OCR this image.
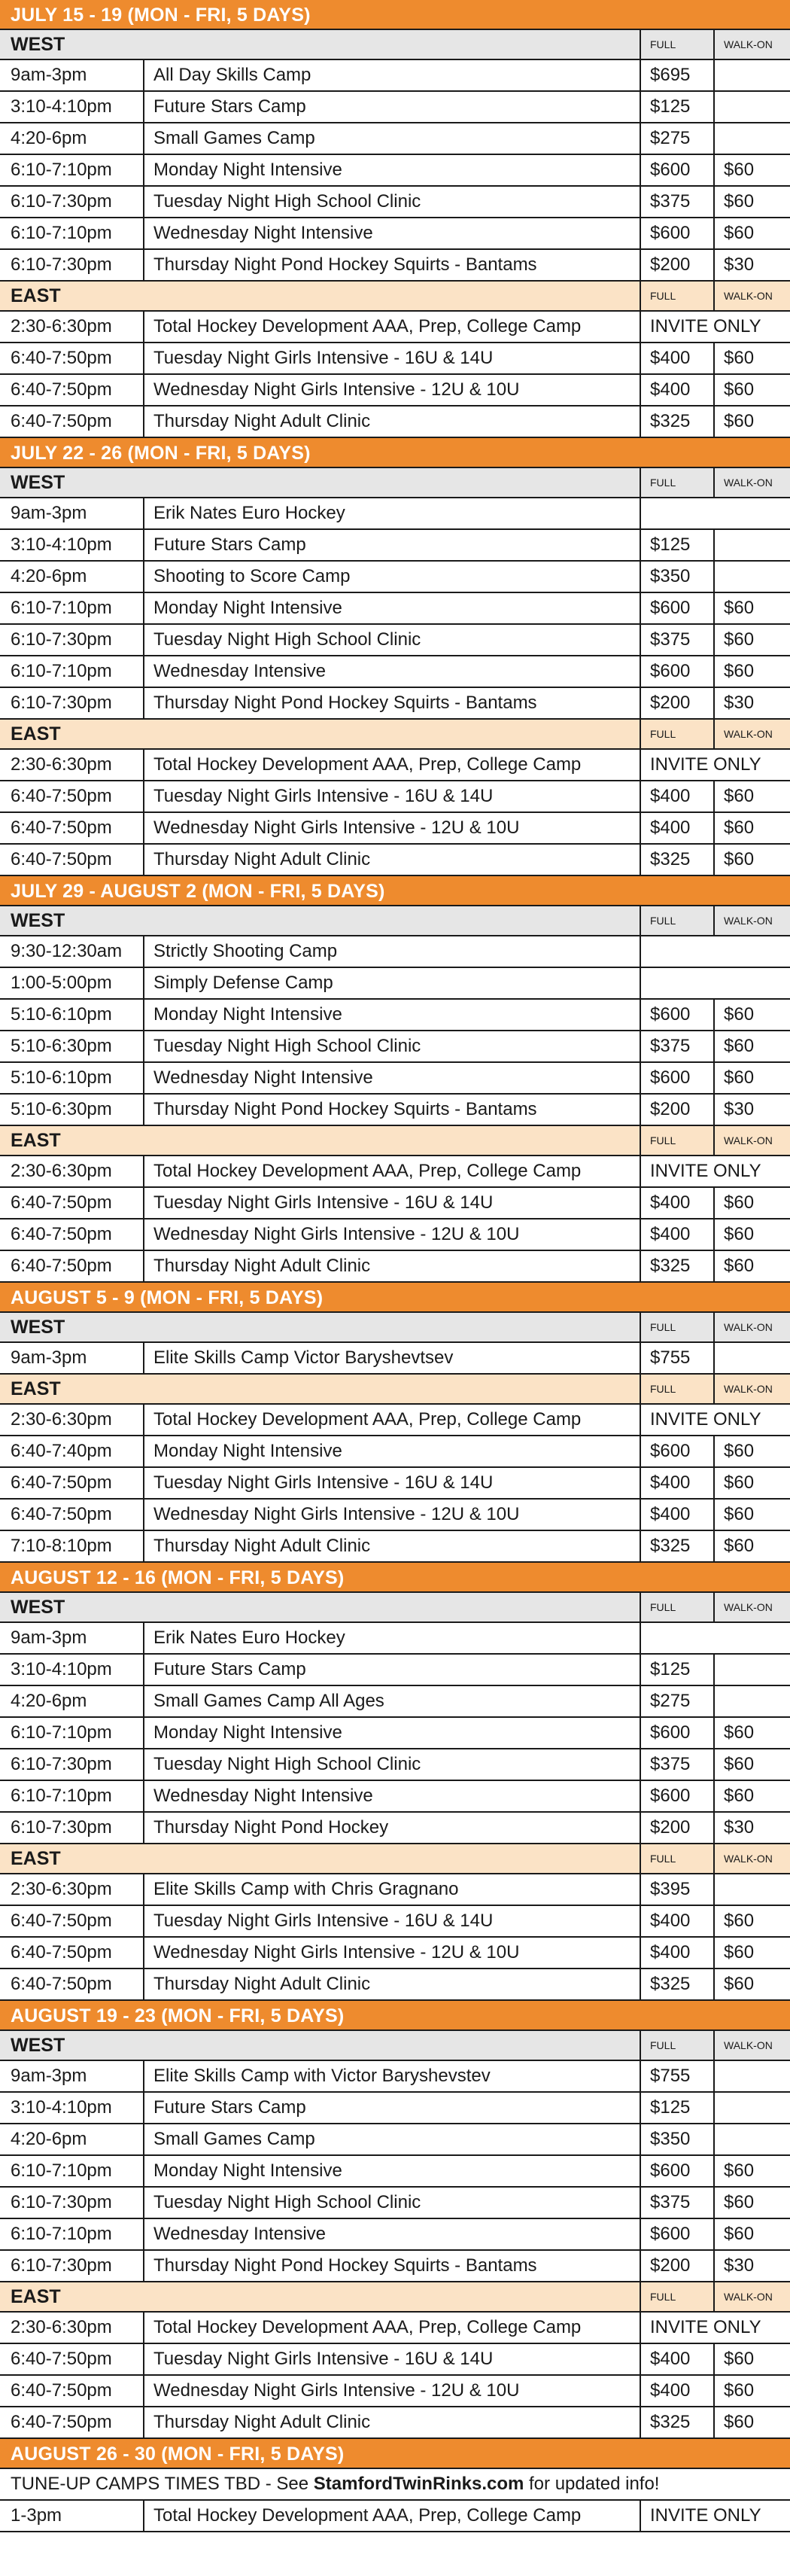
JULY 15 - 19 (MON - FRI, 5 DAYS)
WEST	FULL	WALK-ON
9am-3pm	All Day Skills Camp	$695
3:10-4:10pm	Future Stars Camp	$125
4:20-6pm	Small Games Camp	$275
6:10-7:10pm	Monday Night Intensive	$600	$60
6:10-7:30pm	Tuesday Night High School Clinic	$375	$60
6:10-7:10pm	Wednesday Night Intensive	$600	$60
6:10-7:30pm	Thursday Night Pond Hockey Squirts - Bantams	$200	$30
EAST	FULL	WALK-ON
2:30-6:30pm	Total Hockey Development AAA, Prep, College Camp	INVITE ONLY
6:40-7:50pm	Tuesday Night Girls Intensive - 16U & 14U	$400	$60
6:40-7:50pm	Wednesday Night Girls Intensive - 12U & 10U	$400	$60
6:40-7:50pm	Thursday Night Adult Clinic	$325	$60
JULY 22 - 26 (MON - FRI, 5 DAYS)
WEST	FULL	WALK-ON
9am-3pm	Erik Nates Euro Hockey
3:10-4:10pm	Future Stars Camp	$125
4:20-6pm	Shooting to Score Camp	$350
6:10-7:10pm	Monday Night Intensive	$600	$60
6:10-7:30pm	Tuesday Night High School Clinic	$375	$60
6:10-7:10pm	Wednesday Intensive	$600	$60
6:10-7:30pm	Thursday Night Pond Hockey Squirts - Bantams	$200	$30
EAST	FULL	WALK-ON
2:30-6:30pm	Total Hockey Development AAA, Prep, College Camp	INVITE ONLY
6:40-7:50pm	Tuesday Night Girls Intensive - 16U & 14U	$400	$60
6:40-7:50pm	Wednesday Night Girls Intensive - 12U & 10U	$400	$60
6:40-7:50pm	Thursday Night Adult Clinic	$325	$60
JULY 29 - AUGUST 2 (MON - FRI, 5 DAYS)
WEST	FULL	WALK-ON
9:30-12:30am	Strictly Shooting Camp
1:00-5:00pm	Simply Defense Camp
5:10-6:10pm	Monday Night Intensive	$600	$60
5:10-6:30pm	Tuesday Night High School Clinic	$375	$60
5:10-6:10pm	Wednesday Night Intensive	$600	$60
5:10-6:30pm	Thursday Night Pond Hockey Squirts - Bantams	$200	$30
EAST	FULL	WALK-ON
2:30-6:30pm	Total Hockey Development AAA, Prep, College Camp	INVITE ONLY
6:40-7:50pm	Tuesday Night Girls Intensive - 16U & 14U	$400	$60
6:40-7:50pm	Wednesday Night Girls Intensive - 12U & 10U	$400	$60
6:40-7:50pm	Thursday Night Adult Clinic	$325	$60
AUGUST 5 - 9 (MON - FRI, 5 DAYS)
WEST	FULL	WALK-ON
9am-3pm	Elite Skills Camp Victor Baryshevtsev	$755
EAST	FULL	WALK-ON
2:30-6:30pm	Total Hockey Development AAA, Prep, College Camp	INVITE ONLY
6:40-7:40pm	Monday Night Intensive	$600	$60
6:40-7:50pm	Tuesday Night Girls Intensive - 16U & 14U	$400	$60
6:40-7:50pm	Wednesday Night Girls Intensive - 12U & 10U	$400	$60
7:10-8:10pm	Thursday Night Adult Clinic	$325	$60
AUGUST 12 - 16 (MON - FRI, 5 DAYS)
WEST	FULL	WALK-ON
9am-3pm	Erik Nates Euro Hockey
3:10-4:10pm	Future Stars Camp	$125
4:20-6pm	Small Games Camp All Ages	$275
6:10-7:10pm	Monday Night Intensive	$600	$60
6:10-7:30pm	Tuesday Night High School Clinic	$375	$60
6:10-7:10pm	Wednesday Night Intensive	$600	$60
6:10-7:30pm	Thursday Night Pond Hockey	$200	$30
EAST	FULL	WALK-ON
2:30-6:30pm	Elite Skills Camp with Chris Gragnano	$395
6:40-7:50pm	Tuesday Night Girls Intensive - 16U & 14U	$400	$60
6:40-7:50pm	Wednesday Night Girls Intensive - 12U & 10U	$400	$60
6:40-7:50pm	Thursday Night Adult Clinic	$325	$60
AUGUST 19 - 23 (MON - FRI, 5 DAYS)
WEST	FULL	WALK-ON
9am-3pm	Elite Skills Camp with Victor Baryshevstev	$755
3:10-4:10pm	Future Stars Camp	$125
4:20-6pm	Small Games Camp	$350
6:10-7:10pm	Monday Night Intensive	$600	$60
6:10-7:30pm	Tuesday Night High School Clinic	$375	$60
6:10-7:10pm	Wednesday Intensive	$600	$60
6:10-7:30pm	Thursday Night Pond Hockey Squirts - Bantams	$200	$30
EAST	FULL	WALK-ON
2:30-6:30pm	Total Hockey Development AAA, Prep, College Camp	INVITE ONLY
6:40-7:50pm	Tuesday Night Girls Intensive - 16U & 14U	$400	$60
6:40-7:50pm	Wednesday Night Girls Intensive - 12U & 10U	$400	$60
6:40-7:50pm	Thursday Night Adult Clinic	$325	$60
AUGUST 26 - 30 (MON - FRI, 5 DAYS)
TUNE-UP CAMPS TIMES TBD - See StamfordTwinRinks.com for updated info!
1-3pm	Total Hockey Development AAA, Prep, College Camp	INVITE ONLY
